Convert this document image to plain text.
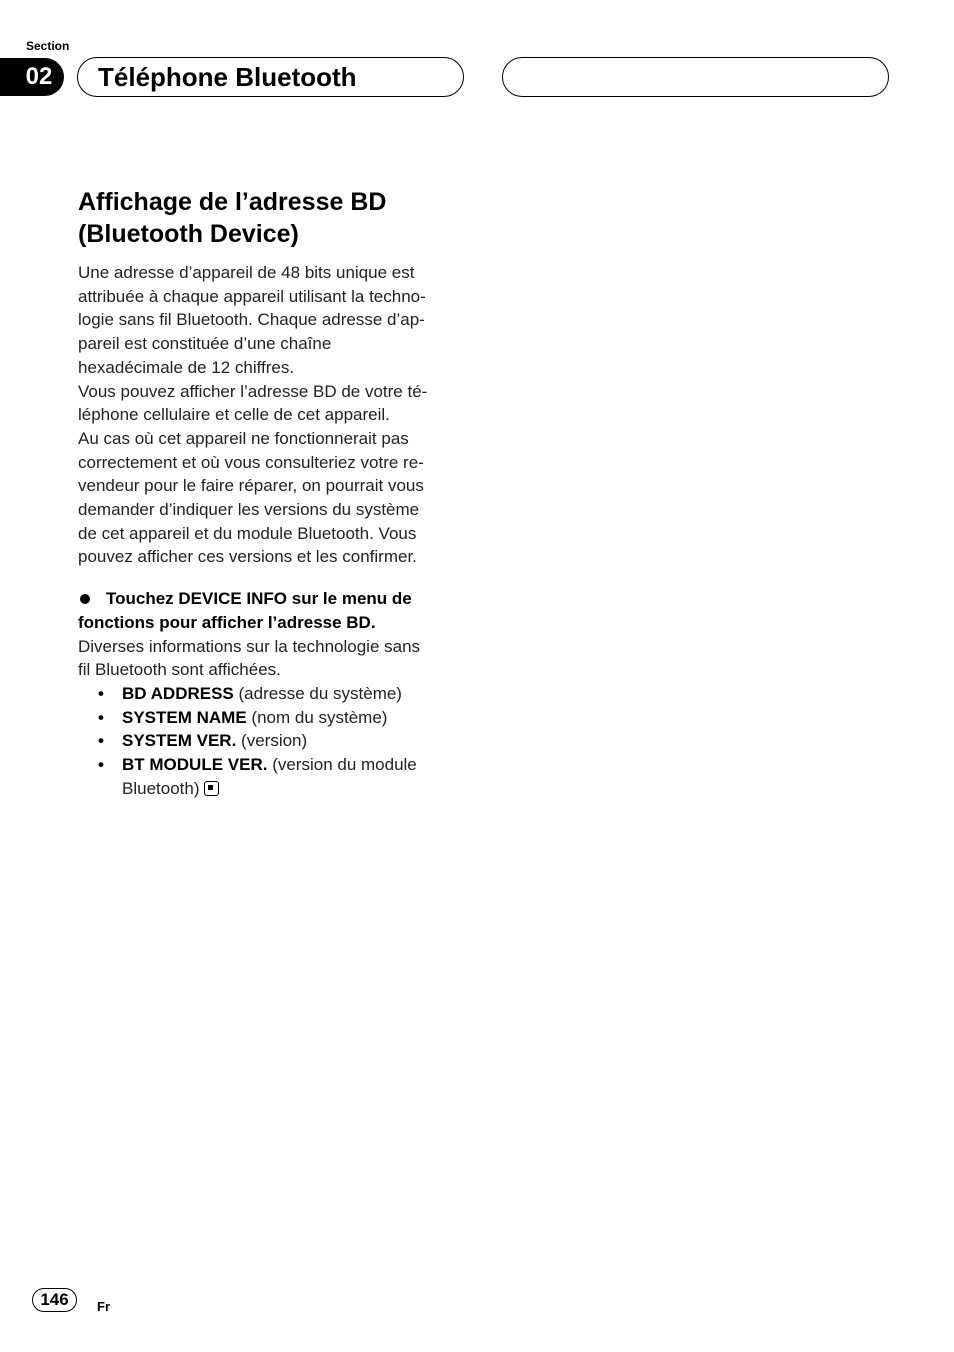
Section
02	Téléphone Bluetooth
Affichage de l’adresse BD
(Bluetooth Device)

Une adresse d’appareil de 48 bits unique est
attribuée à chaque appareil utilisant la techno-
logie sans fil Bluetooth. Chaque adresse d’ap-
pareil est constituée d’une chaîne
hexadécimale de 12 chiffres.

Vous pouvez afficher l’adresse BD de votre té-
léphone cellulaire et celle de cet appareil.

Au cas où cet appareil ne fonctionnerait pas
correctement et où vous consulteriez votre re-
vendeur pour le faire réparer, on pourrait vous
demander d’indiquer les versions du système
de cet appareil et du module Bluetooth. Vous
pouvez afficher ces versions et les confirmer.

Touchez DEVICE INFO sur le menu de
fonctions pour afficher l’adresse BD.

Diverses informations sur la technologie sans
fil Bluetooth sont affichées.

• BD ADDRESS (adresse du système)
• SYSTEM NAME (nom du système)
• SYSTEM VER. (version)
• BT MODULE VER. (version du module
Bluetooth)
146	Fr
